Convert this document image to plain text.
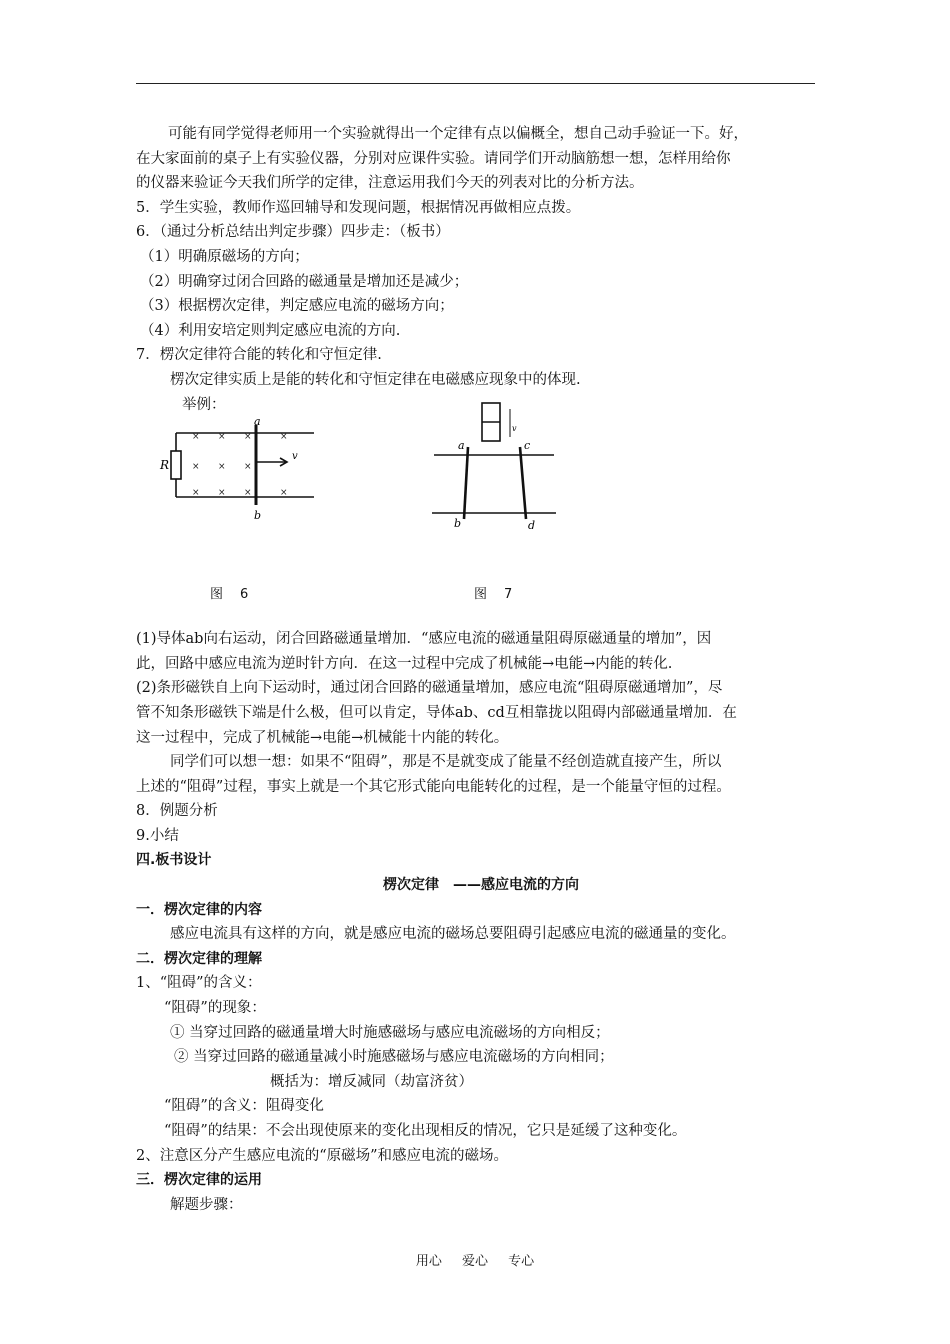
可能有同学觉得老师用一个实验就得出一个定律有点以偏概全，想自己动手验证一下。好，
在大家面前的桌子上有实验仪器，分别对应课件实验。请同学们开动脑筋想一想，怎样用给你
的仪器来验证今天我们所学的定律，注意运用我们今天的列表对比的分析方法。
5．学生实验，教师作巡回辅导和发现问题，根据情况再做相应点拨。
6．（通过分析总结出判定步骤）四步走：（板书）
（1）明确原磁场的方向；
（2）明确穿过闭合回路的磁通量是增加还是减少；
（3）根据楞次定律，判定感应电流的磁场方向；
（4）利用安培定则判定感应电流的方向.
7．楞次定律符合能的转化和守恒定律.
楞次定律实质上是能的转化和守恒定律在电磁感应现象中的体现.
举例：
R
a
b
v
× × ×	×
× × ×
× × ×	×
图　6
v
a
b
c
d
图　7
(1)导体ab向右运动，闭合回路磁通量增加．“感应电流的磁通量阻碍原磁通量的增加”，因
此，回路中感应电流为逆时针方向．在这一过程中完成了机械能→电能→内能的转化.
(2)条形磁铁自上向下运动时，通过闭合回路的磁通量增加，感应电流“阻碍原磁通增加”，尽
管不知条形磁铁下端是什么极，但可以肯定，导体ab、cd互相靠拢以阻碍内部磁通量增加．在
这一过程中，完成了机械能→电能→机械能十内能的转化。
同学们可以想一想：如果不“阻碍”，那是不是就变成了能量不经创造就直接产生，所以
上述的“阻碍”过程，事实上就是一个其它形式能向电能转化的过程，是一个能量守恒的过程。
8．例题分析
9.小结
四.板书设计
楞次定律　——感应电流的方向
一．楞次定律的内容
感应电流具有这样的方向，就是感应电流的磁场总要阻碍引起感应电流的磁通量的变化。
二．楞次定律的理解
1、“阻碍”的含义：
“阻碍”的现象：
① 当穿过回路的磁通量增大时施感磁场与感应电流磁场的方向相反；
② 当穿过回路的磁通量减小时施感磁场与感应电流磁场的方向相同；
概括为：增反减同（劫富济贫）
“阻碍”的含义：阻碍变化
“阻碍”的结果：不会出现使原来的变化出现相反的情况，它只是延缓了这种变化。
2、注意区分产生感应电流的“原磁场”和感应电流的磁场。
三．楞次定律的运用
解题步骤：
用心 爱心 专心
